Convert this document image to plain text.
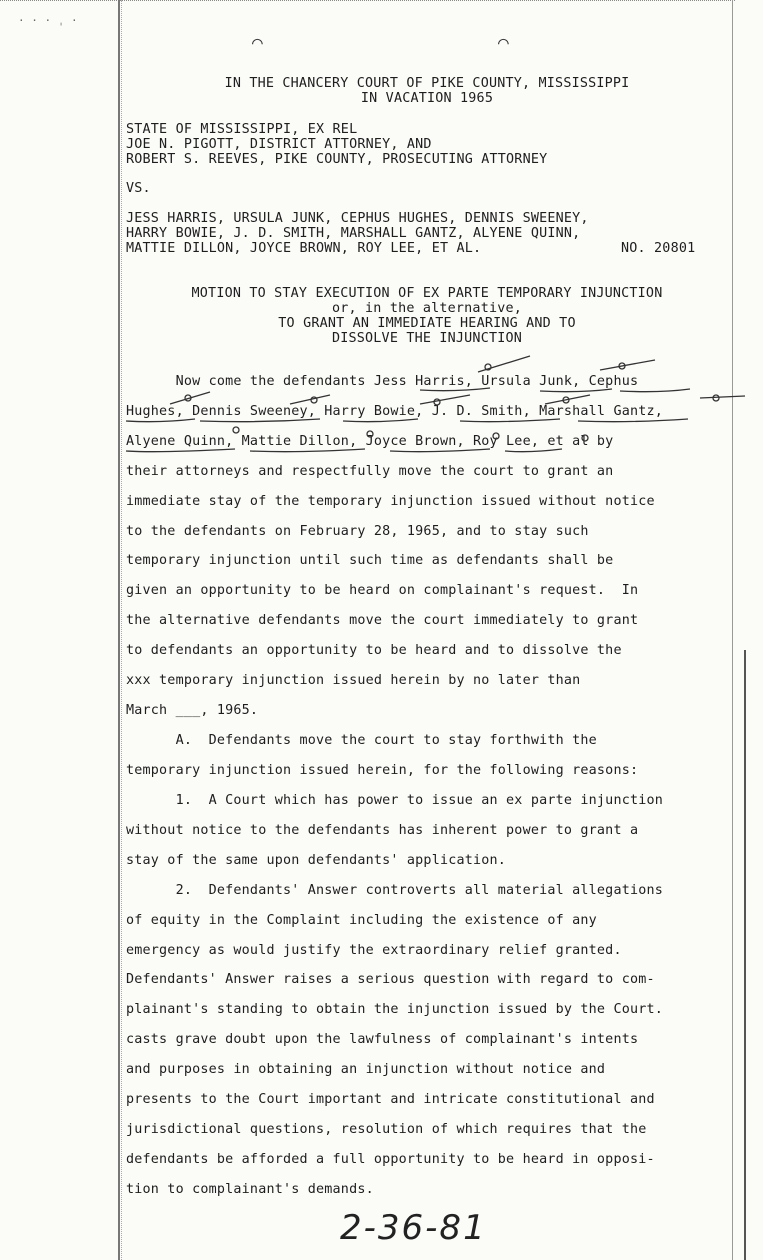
· · · ˌ ·
⌒	⌒
IN THE CHANCERY COURT OF PIKE COUNTY, MISSISSIPPI
IN VACATION 1965
STATE OF MISSISSIPPI, EX REL
JOE N. PIGOTT, DISTRICT ATTORNEY, AND
ROBERT S. REEVES, PIKE COUNTY, PROSECUTING ATTORNEY
VS.
JESS HARRIS, URSULA JUNK, CEPHUS HUGHES, DENNIS SWEENEY,
HARRY BOWIE, J. D. SMITH, MARSHALL GANTZ, ALYENE QUINN,
MATTIE DILLON, JOYCE BROWN, ROY LEE, ET AL.	NO. 20801
MOTION TO STAY EXECUTION OF EX PARTE TEMPORARY INJUNCTION
or, in the alternative,
TO GRANT AN IMMEDIATE HEARING AND TO
DISSOLVE THE INJUNCTION
Now come the defendants Jess Harris, Ursula Junk, Cephus
Hughes, Dennis Sweeney, Harry Bowie, J. D. Smith, Marshall Gantz,
Alyene Quinn, Mattie Dillon, Joyce Brown, Roy Lee, et al by
their attorneys and respectfully move the court to grant an
immediate stay of the temporary injunction issued without notice
to the defendants on February 28, 1965, and to stay such
temporary injunction until such time as defendants shall be
given an opportunity to be heard on complainant's request.  In
the alternative defendants move the court immediately to grant
to defendants an opportunity to be heard and to dissolve the
xxx temporary injunction issued herein by no later than
March ___, 1965.
A.  Defendants move the court to stay forthwith the
temporary injunction issued herein, for the following reasons:
1.  A Court which has power to issue an ex parte injunction
without notice to the defendants has inherent power to grant a
stay of the same upon defendants' application.
2.  Defendants' Answer controverts all material allegations
of equity in the Complaint including the existence of any
emergency as would justify the extraordinary relief granted.
Defendants' Answer raises a serious question with regard to com-
plainant's standing to obtain the injunction issued by the Court.
casts grave doubt upon the lawfulness of complainant's intents
and purposes in obtaining an injunction without notice and
presents to the Court important and intricate constitutional and
jurisdictional questions, resolution of which requires that the
defendants be afforded a full opportunity to be heard in opposi-
tion to complainant's demands.
2-36-81
